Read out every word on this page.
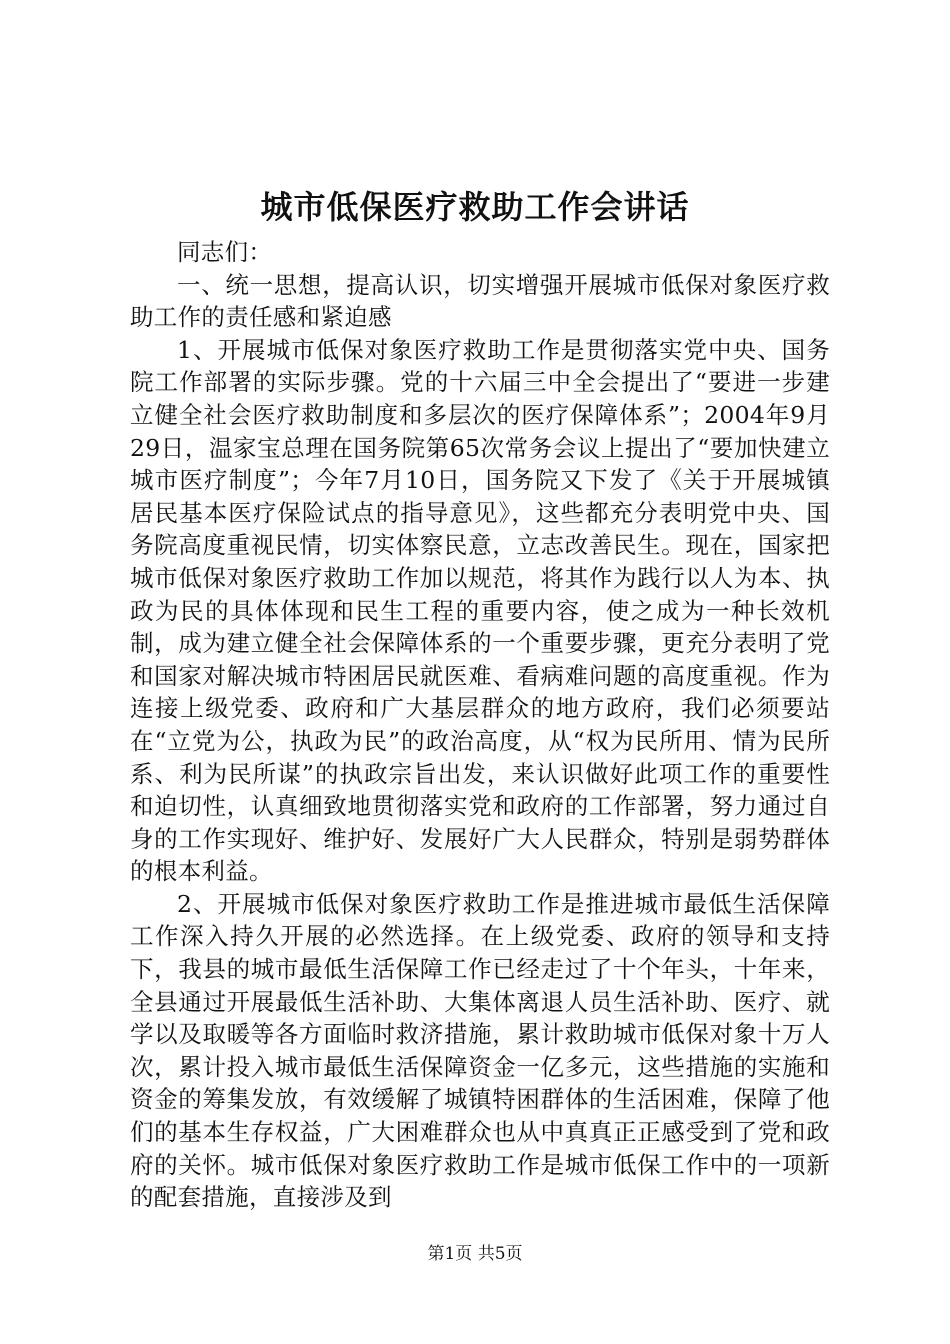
城市低保医疗救助工作会讲话

同志们：

一、统一思想，提高认识，切实增强开展城市低保对象医疗救助工作的责任感和紧迫感

1、开展城市低保对象医疗救助工作是贯彻落实党中央、国务院工作部署的实际步骤。党的十六届三中全会提出了“要进一步建立健全社会医疗救助制度和多层次的医疗保障体系”；2004年9月29日，温家宝总理在国务院第65次常务会议上提出了“要加快建立城市医疗制度”；今年7月10日，国务院又下发了《关于开展城镇居民基本医疗保险试点的指导意见》，这些都充分表明党中央、国务院高度重视民情，切实体察民意，立志改善民生。现在，国家把城市低保对象医疗救助工作加以规范，将其作为践行以人为本、执政为民的具体体现和民生工程的重要内容，使之成为一种长效机制，成为建立健全社会保障体系的一个重要步骤，更充分表明了党和国家对解决城市特困居民就医难、看病难问题的高度重视。作为连接上级党委、政府和广大基层群众的地方政府，我们必须要站在“立党为公，执政为民”的政治高度，从“权为民所用、情为民所系、利为民所谋”的执政宗旨出发，来认识做好此项工作的重要性和迫切性，认真细致地贯彻落实党和政府的工作部署，努力通过自身的工作实现好、维护好、发展好广大人民群众，特别是弱势群体的根本利益。

2、开展城市低保对象医疗救助工作是推进城市最低生活保障工作深入持久开展的必然选择。在上级党委、政府的领导和支持下，我县的城市最低生活保障工作已经走过了十个年头，十年来，全县通过开展最低生活补助、大集体离退人员生活补助、医疗、就学以及取暖等各方面临时救济措施，累计救助城市低保对象十万人次，累计投入城市最低生活保障资金一亿多元，这些措施的实施和资金的筹集发放，有效缓解了城镇特困群体的生活困难，保障了他们的基本生存权益，广大困难群众也从中真真正正感受到了党和政府的关怀。城市低保对象医疗救助工作是城市低保工作中的一项新的配套措施，直接涉及到

第1页 共5页
